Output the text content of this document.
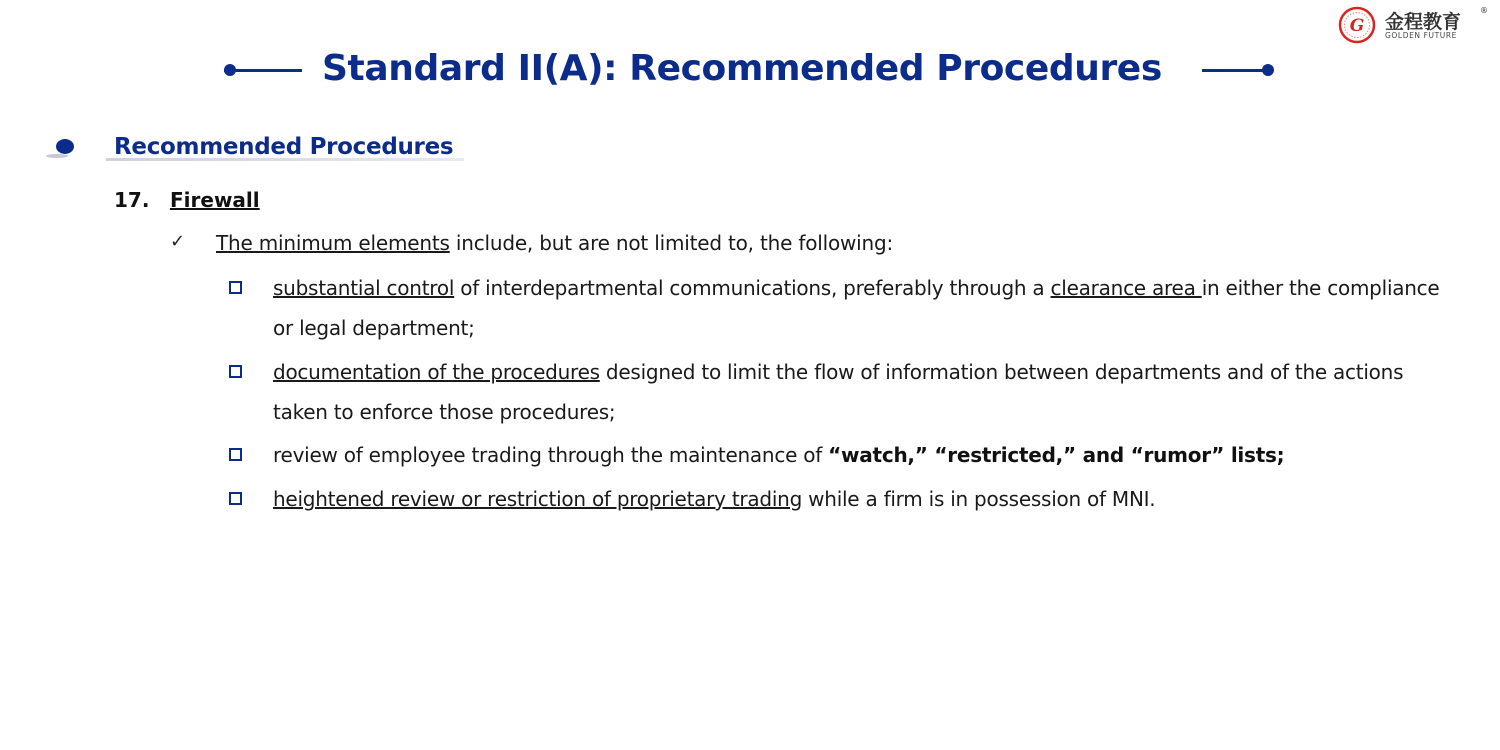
G 金程教育
®
GOLDEN FUTURE
Standard II(A): Recommended Procedures
Recommended Procedures
17. Firewall
✓ The minimum elements include, but are not limited to, the following:
substantial control of interdepartmental communications, preferably through a clearance area in either the compliance or legal department;
documentation of the procedures designed to limit the flow of information between departments and of the actions taken to enforce those procedures;
review of employee trading through the maintenance of “watch,” “restricted,” and “rumor” lists;
heightened review or restriction of proprietary trading while a firm is in possession of MNI.
